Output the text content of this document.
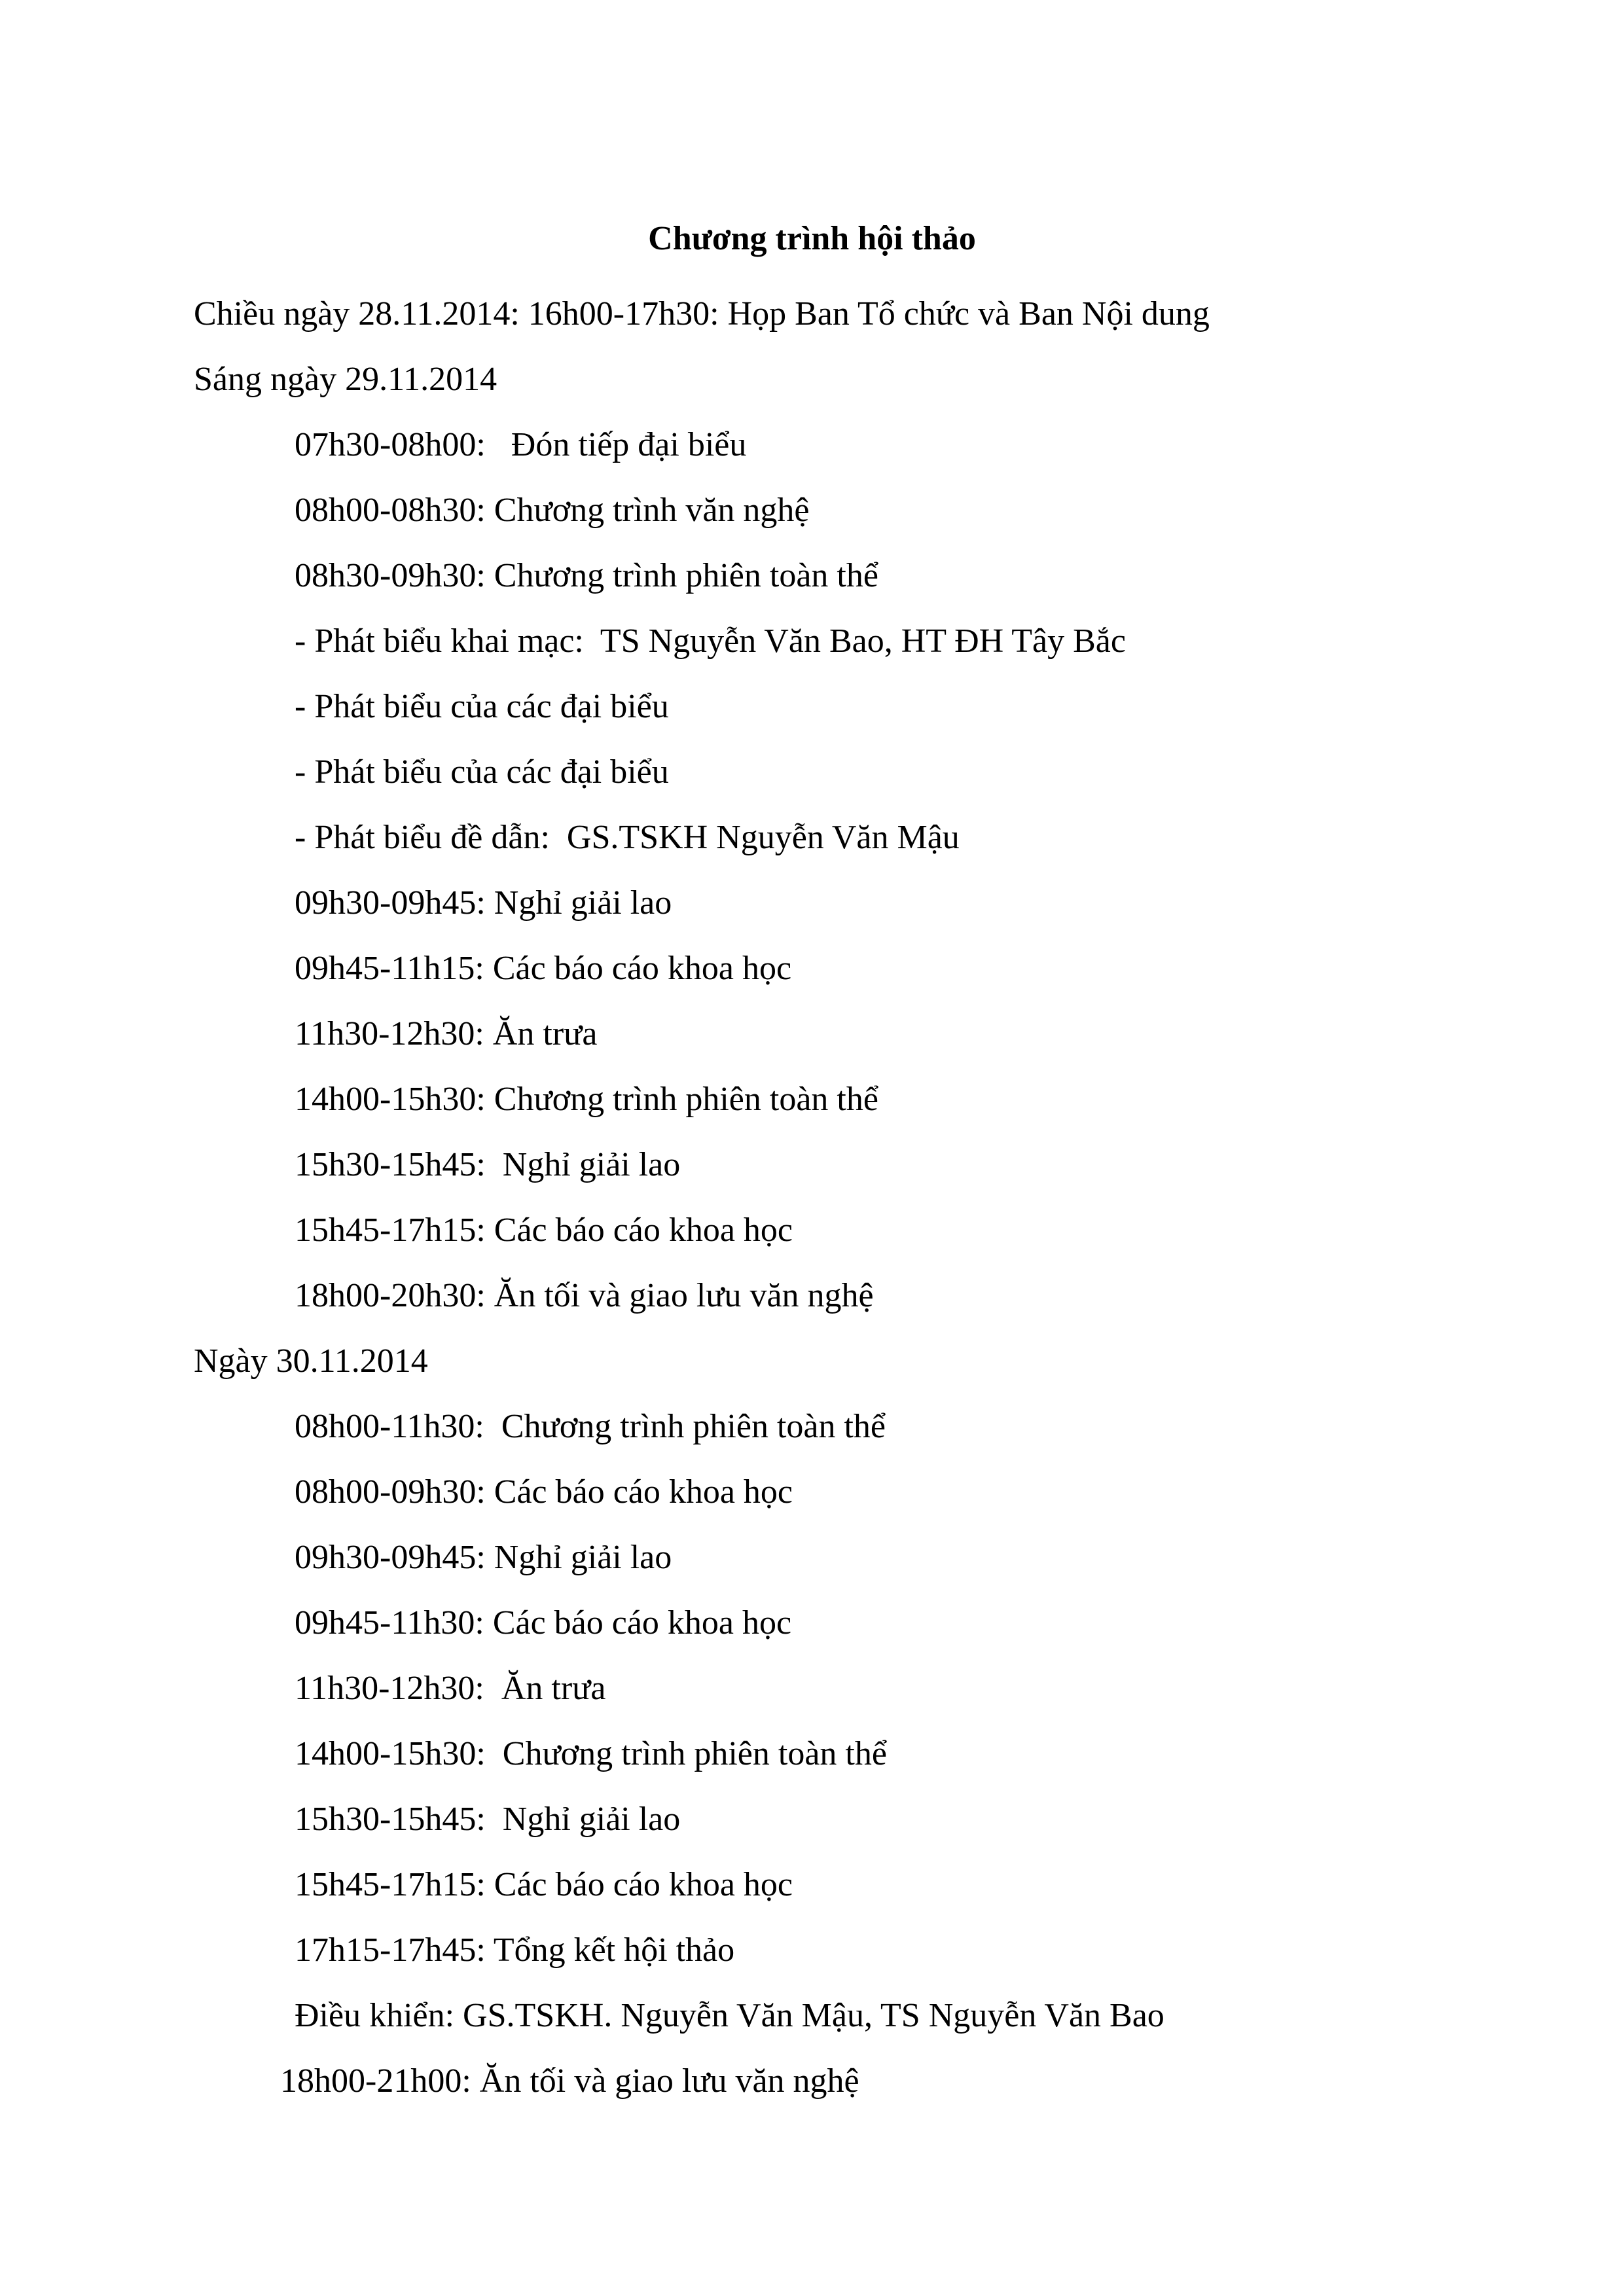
Chương trình hội thảo
Chiều ngày 28.11.2014: 16h00-17h30: Họp Ban Tổ chức và Ban Nội dung
Sáng ngày 29.11.2014
07h30-08h00:   Đón tiếp đại biểu
08h00-08h30: Chương trình văn nghệ
08h30-09h30: Chương trình phiên toàn thể
- Phát biểu khai mạc:  TS Nguyễn Văn Bao, HT ĐH Tây Bắc
- Phát biểu của các đại biểu
- Phát biểu của các đại biểu
- Phát biểu đề dẫn:  GS.TSKH Nguyễn Văn Mậu
09h30-09h45: Nghỉ giải lao
09h45-11h15: Các báo cáo khoa học
11h30-12h30: Ăn trưa
14h00-15h30: Chương trình phiên toàn thể
15h30-15h45:  Nghỉ giải lao
15h45-17h15: Các báo cáo khoa học
18h00-20h30: Ăn tối và giao lưu văn nghệ
Ngày 30.11.2014
08h00-11h30:  Chương trình phiên toàn thể
08h00-09h30: Các báo cáo khoa học
09h30-09h45: Nghỉ giải lao
09h45-11h30: Các báo cáo khoa học
11h30-12h30:  Ăn trưa
14h00-15h30:  Chương trình phiên toàn thể
15h30-15h45:  Nghỉ giải lao
15h45-17h15: Các báo cáo khoa học
17h15-17h45: Tổng kết hội thảo
Điều khiển: GS.TSKH. Nguyễn Văn Mậu, TS Nguyễn Văn Bao
18h00-21h00: Ăn tối và giao lưu văn nghệ
